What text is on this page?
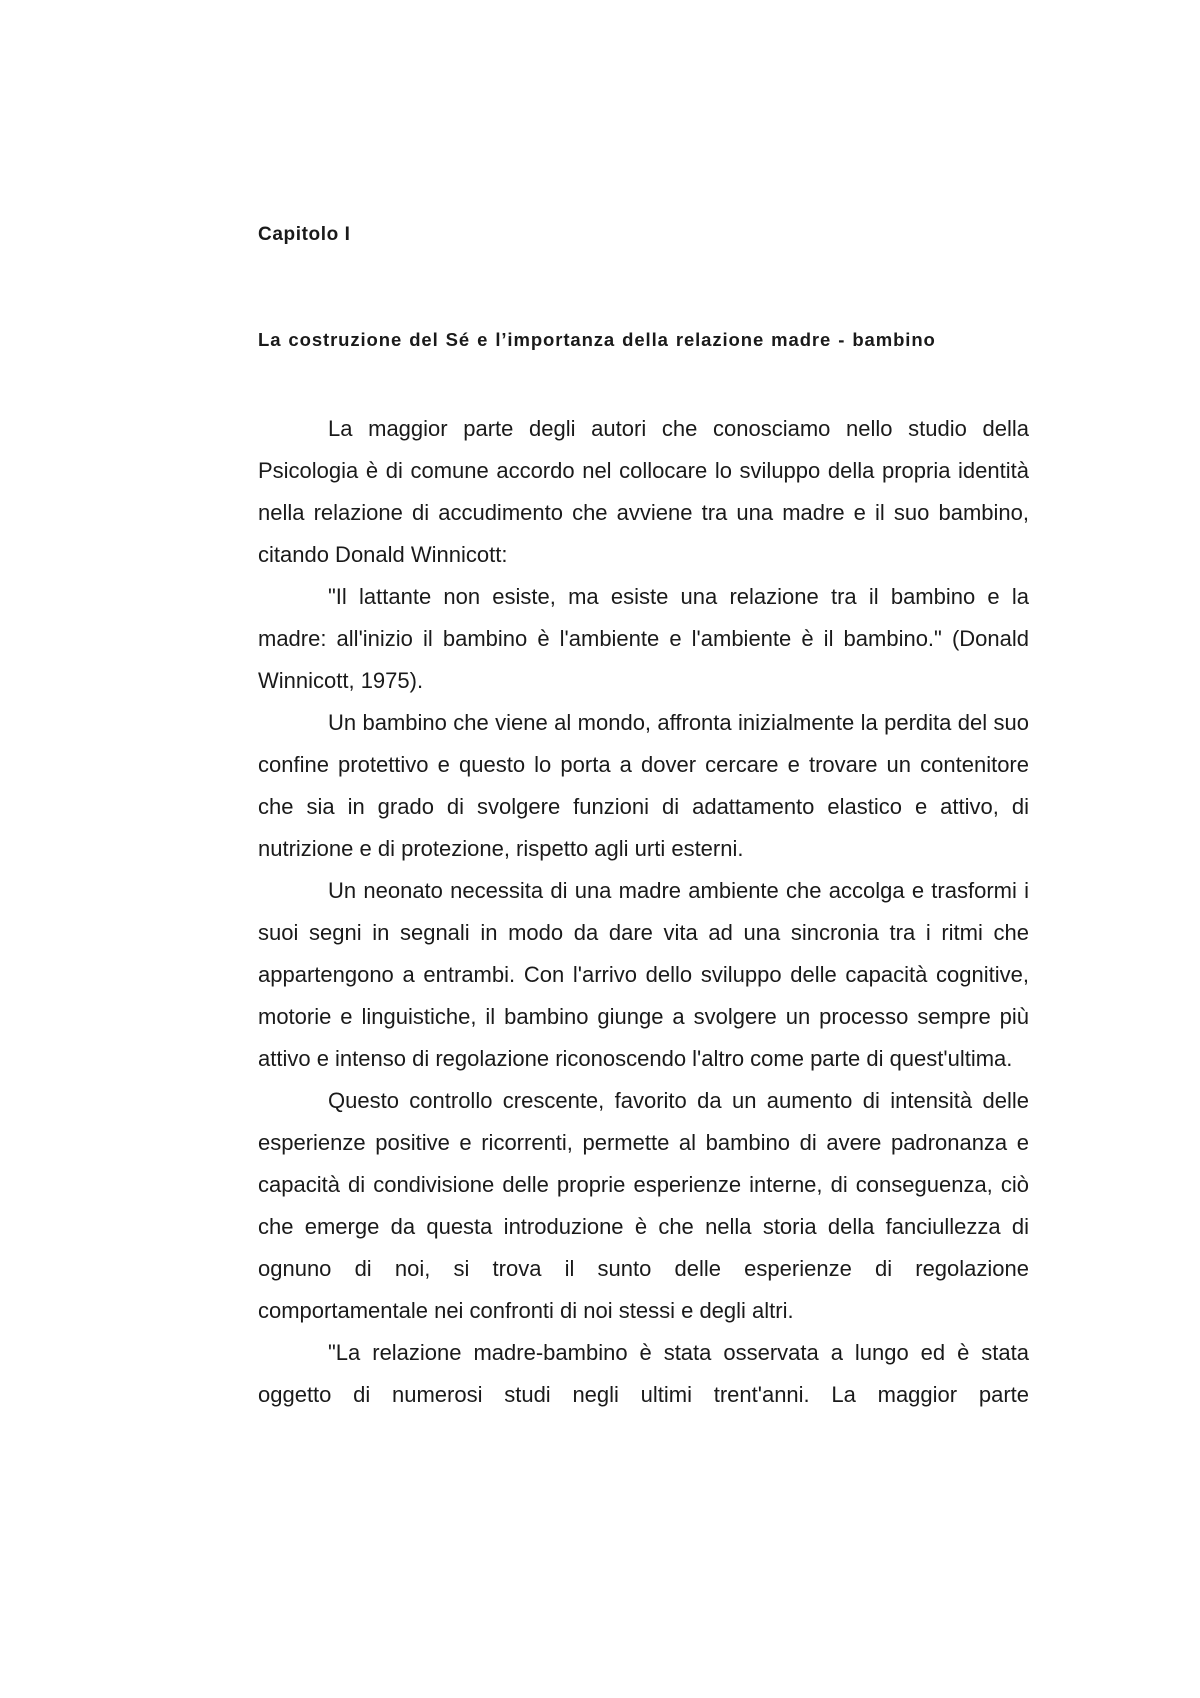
Capitolo I
La costruzione del Sé e l’importanza della relazione madre - bambino

La maggior parte degli autori che conosciamo nello studio della Psicologia è di comune accordo nel collocare lo sviluppo della propria identità nella relazione di accudimento che avviene tra una madre e il suo bambino, citando Donald Winnicott:

"Il lattante non esiste, ma esiste una relazione tra il bambino e la madre: all'inizio il bambino è l'ambiente e l'ambiente è il bambino." (Donald Winnicott, 1975).

Un bambino che viene al mondo, affronta inizialmente la perdita del suo confine protettivo e questo lo porta a dover cercare e trovare un contenitore che sia in grado di svolgere funzioni di adattamento elastico e attivo, di nutrizione e di protezione, rispetto agli urti esterni.

Un neonato necessita di una madre ambiente che accolga e trasformi i suoi segni in segnali in modo da dare vita ad una sincronia tra i ritmi che appartengono a entrambi. Con l'arrivo dello sviluppo delle capacità cognitive, motorie e linguistiche, il bambino giunge a svolgere un processo sempre più attivo e intenso di regolazione riconoscendo l'altro come parte di quest'ultima.

Questo controllo crescente, favorito da un aumento di intensità delle esperienze positive e ricorrenti, permette al bambino di avere padronanza e capacità di condivisione delle proprie esperienze interne, di conseguenza, ciò che emerge da questa introduzione è che nella storia della fanciullezza di ognuno di noi, si trova il sunto delle esperienze di regolazione comportamentale nei confronti di noi stessi e degli altri.

"La relazione madre-bambino è stata osservata a lungo ed è stata oggetto di numerosi studi negli ultimi trent'anni. La maggior parte
